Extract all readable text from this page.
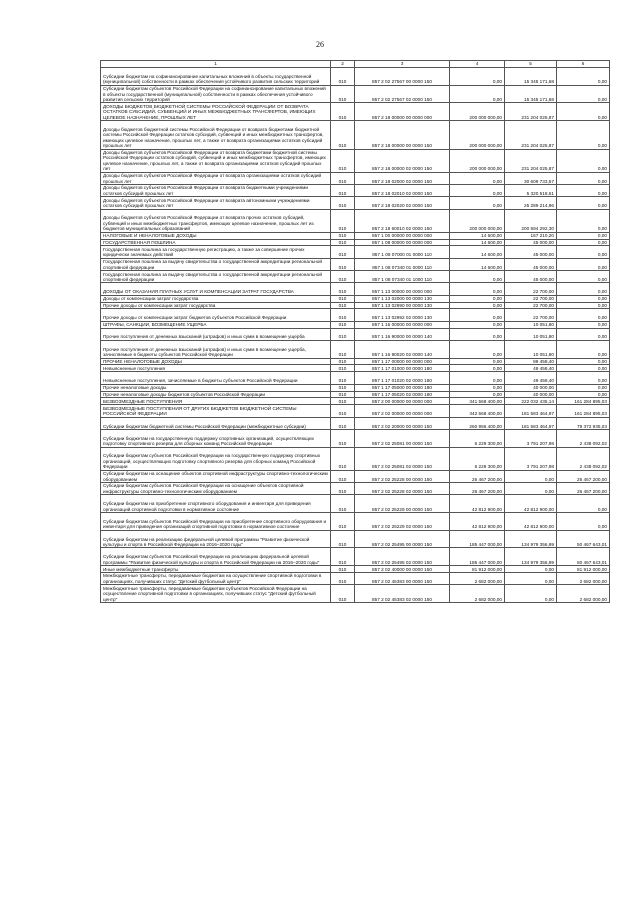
26
1	2	3	4	5	6
Субсидии бюджетам на софинансирование капитальных вложений в объекты государственной (муниципальной) собственности в рамках обеспечения устойчивого развития сельских территорий	010	857 2 02 27567 00 0000 150	0,00	15 345 171,68	0,00
Субсидии бюджетам субъектов Российской Федерации на софинансирование капитальных вложений в объекты государственной (муниципальной) собственности в рамках обеспечения устойчивого развития сельских территорий	010	857 2 02 27567 02 0000 150	0,00	15 345 171,68	0,00
ДОХОДЫ БЮДЖЕТОВ БЮДЖЕТНОЙ СИСТЕМЫ РОССИЙСКОЙ ФЕДЕРАЦИИ ОТ ВОЗВРАТА ОСТАТКОВ СУБСИДИЙ, СУБВЕНЦИЙ И ИНЫХ МЕЖБЮДЖЕТНЫХ ТРАНСФЕРТОВ, ИМЕЮЩИХ ЦЕЛЕВОЕ НАЗНАЧЕНИЕ, ПРОШЛЫХ ЛЕТ	010	857 2 18 00000 00 0000 000	200 000 000,00	231 204 025,87	0,00
Доходы бюджетов бюджетной системы Российской Федерации от возврата бюджетами бюджетной системы Российской Федерации остатков субсидий, субвенций и иных межбюджетных трансфертов, имеющих целевое назначение, прошлых лет, а также от возврата организациями остатков субсидий прошлых лет	010	857 2 18 00000 00 0000 150	200 000 000,00	231 204 025,87	0,00
Доходы бюджетов субъектов Российской Федерации от возврата бюджетами бюджетной системы Российской Федерации остатков субсидий, субвенций и иных межбюджетных трансфертов, имеющих целевое назначение, прошлых лет, а также от возврата организациями остатков субсидий прошлых лет	010	857 2 18 00000 02 0000 150	200 000 000,00	231 204 025,87	0,00
Доходы бюджетов субъектов Российской Федерации от возврата организациями остатков субсидий прошлых лет	010	857 2 18 02000 02 0000 150	0,00	30 609 733,57	0,00
Доходы бюджетов субъектов Российской Федерации от возврата бюджетными учреждениями остатков субсидий прошлых лет	010	857 2 18 02010 02 0000 150	0,00	5 320 518,61	0,00
Доходы бюджетов субъектов Российской Федерации от возврата автономными учреждениями остатков субсидий прошлых лет	010	857 2 18 02020 02 0000 150	0,00	25 289 214,96	0,00
Доходы бюджетов субъектов Российской Федерации от возврата прочих остатков субсидий, субвенций и иных межбюджетных трансфертов, имеющих целевое назначение, прошлых лет из бюджетов муниципальных образований	010	857 2 18 60010 02 0000 150	200 000 000,00	200 594 292,30	0,00
НАЛОГОВЫЕ И НЕНАЛОГОВЫЕ ДОХОДЫ	010	857 1 00 00000 00 0000 000	14 600,00	167 210,20	0,00
ГОСУДАРСТВЕННАЯ ПОШЛИНА	010	857 1 08 00000 00 0000 000	14 600,00	45 000,00	0,00
Государственная пошлина за государственную регистрацию, а также за совершение прочих юридически значимых действий	010	857 1 08 07000 01 0000 110	14 600,00	45 000,00	0,00
Государственная пошлина за выдачу свидетельства о государственной аккредитации региональной спортивной федерации	010	857 1 08 07340 01 0000 110	14 600,00	45 000,00	0,00
Государственная пошлина за выдачу свидетельства о государственной аккредитации региональной спортивной федерации	010	857 1 08 07340 01 1000 110	0,00	45 000,00	0,00
ДОХОДЫ ОТ ОКАЗАНИЯ ПЛАТНЫХ УСЛУГ И КОМПЕНСАЦИИ ЗАТРАТ ГОСУДАРСТВА	010	857 1 13 00000 00 0000 000	0,00	22 700,00	0,00
Доходы от компенсации затрат государства	010	857 1 13 02000 00 0000 130	0,00	22 700,00	0,00
Прочие доходы от компенсации затрат государства	010	857 1 13 02990 00 0000 130	0,00	22 700,00	0,00
Прочие доходы от компенсации затрат бюджетов субъектов Российской Федерации	010	857 1 13 02992 02 0000 130	0,00	22 700,00	0,00
ШТРАФЫ, САНКЦИИ, ВОЗМЕЩЕНИЕ УЩЕРБА	010	857 1 16 00000 00 0000 000	0,00	10 051,80	0,00
Прочие поступления от денежных взысканий (штрафов) и иных сумм в возмещение ущерба	010	857 1 16 90000 00 0000 140	0,00	10 051,80	0,00
Прочие поступления от денежных взысканий (штрафов) и иных сумм в возмещение ущерба, зачисляемые в бюджеты субъектов Российской Федерации	010	857 1 16 90020 02 0000 140	0,00	10 051,80	0,00
ПРОЧИЕ НЕНАЛОГОВЫЕ ДОХОДЫ	010	857 1 17 00000 00 0000 000	0,00	89 458,40	0,00
Невыясненные поступления	010	857 1 17 01000 00 0000 180	0,00	49 458,40	0,00
Невыясненные поступления, зачисляемые в бюджеты субъектов Российской Федерации	010	857 1 17 01020 02 0000 180	0,00	49 458,40	0,00
Прочие неналоговые доходы	010	857 1 17 05000 00 0000 180	0,00	40 000,00	0,00
Прочие неналоговые доходы бюджетов субъектов Российской Федерации	010	857 1 17 05020 02 0000 180	0,00	40 000,00	0,00
БЕЗВОЗМЕЗДНЫЕ ПОСТУПЛЕНИЯ	010	857 2 00 00000 00 0000 000	341 568 400,00	222 032 435,14	161 284 895,03
БЕЗВОЗМЕЗДНЫЕ ПОСТУПЛЕНИЯ ОТ ДРУГИХ БЮДЖЕТОВ БЮДЖЕТНОЙ СИСТЕМЫ РОССИЙСКОЙ ФЕДЕРАЦИИ	010	857 2 02 00000 00 0000 000	342 568 400,00	181 583 464,97	161 284 895,03
Субсидии бюджетам бюджетной системы Российской Федерации (межбюджетные субсидии)	010	857 2 02 20000 00 0000 150	260 956 400,00	181 583 464,97	79 372 935,03
Субсидии бюджетам на государственную поддержку спортивных организаций, осуществляющих подготовку спортивного резерва для сборных команд Российской Федерации	010	857 2 02 25081 00 0000 150	6 229 300,00	3 791 207,98	2 438 092,02
Субсидии бюджетам субъектов Российской Федерации на государственную поддержку спортивных организаций, осуществляющих подготовку спортивного резерва для сборных команд Российской Федерации	010	857 2 02 25081 02 0000 150	6 229 300,00	3 791 207,98	2 438 092,02
Субсидии бюджетам на оснащение объектов спортивной инфраструктуры спортивно-технологическим оборудованием	010	857 2 02 25228 00 0000 150	26 467 200,00	0,00	26 467 200,00
Субсидии бюджетам субъектов Российской Федерации на оснащение объектов спортивной инфраструктуры спортивно-технологическим оборудованием	010	857 2 02 25228 02 0000 150	26 467 200,00	0,00	26 467 200,00
Субсидии бюджетам на приобретение спортивного оборудования и инвентаря для приведения организаций спортивной подготовки в нормативное состояние	010	857 2 02 25229 00 0000 150	42 812 900,00	42 812 900,00	0,00
Субсидии бюджетам субъектов Российской Федерации на приобретение спортивного оборудования и инвентаря для приведения организаций спортивной подготовки в нормативное состояние	010	857 2 02 25229 02 0000 150	42 812 900,00	42 812 900,00	0,00
Субсидии бюджетам на реализацию федеральной целевой программы "Развитие физической культуры и спорта в Российской Федерации на 2016–2020 годы"	010	857 2 02 25495 00 0000 150	185 447 000,00	134 979 356,99	50 467 643,01
Субсидии бюджетам субъектов Российской Федерации на реализацию федеральной целевой программы "Развитие физической культуры и спорта в Российской Федерации на 2016–2020 годы"	010	857 2 02 25495 02 0000 150	185 447 000,00	134 979 356,99	50 467 643,01
Иные межбюджетные трансферты	010	857 2 02 40000 00 0000 150	81 912 000,00	0,00	81 912 000,00
Межбюджетные трансферты, передаваемые бюджетам на осуществление спортивной подготовки в организациях, получивших статус "Детский футбольный центр"	010	857 2 02 45383 00 0000 150	2 682 000,00	0,00	2 682 000,00
Межбюджетные трансферты, передаваемые бюджетам субъектов Российской Федерации на осуществление спортивной подготовки в организациях, получивших статус "Детский футбольный центр"	010	857 2 02 45383 02 0000 150	2 682 000,00	0,00	2 682 000,00
